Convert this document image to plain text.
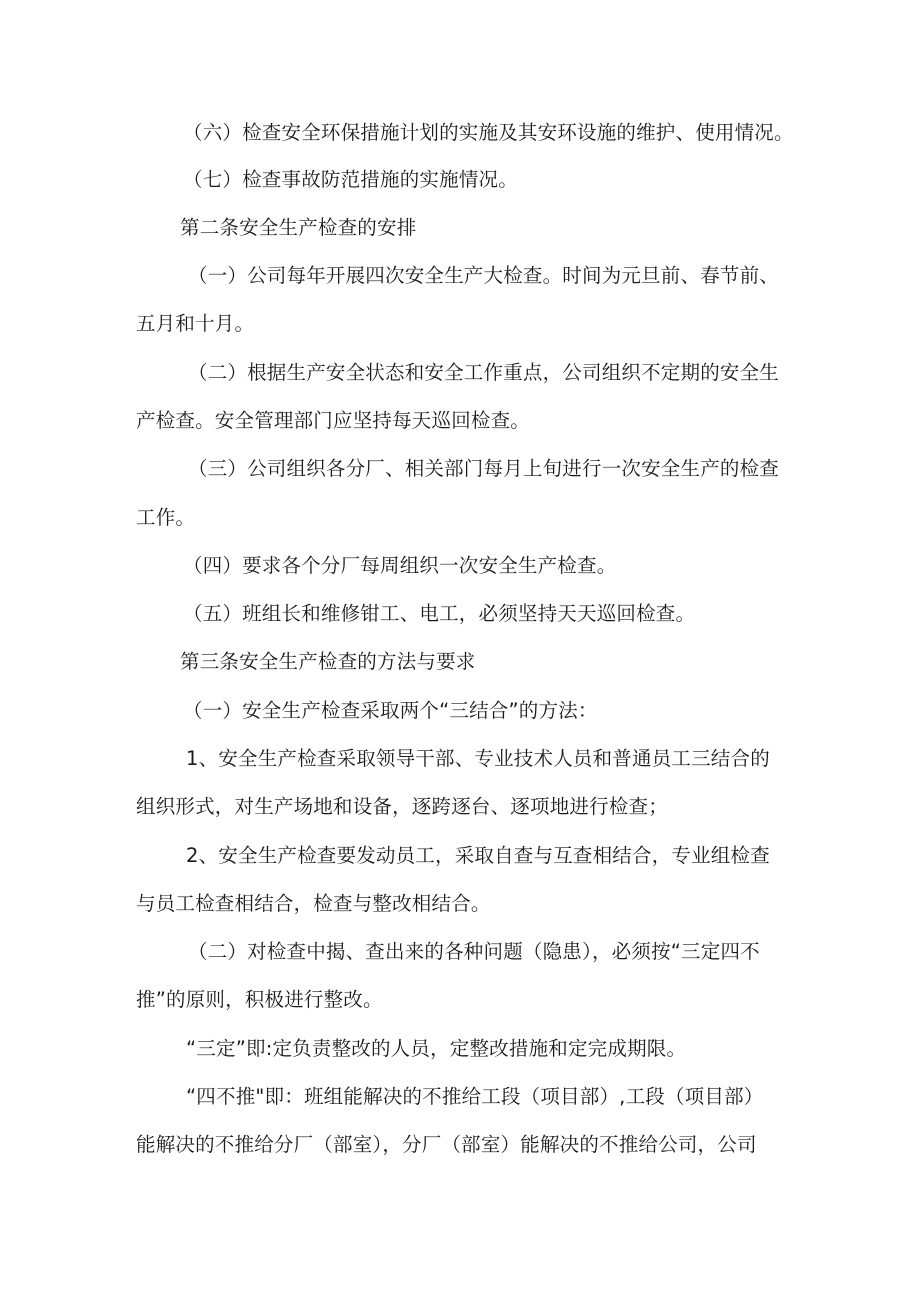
（六）检查安全环保措施计划的实施及其安环设施的维护、使用情况。
（七）检查事故防范措施的实施情况。
第二条安全生产检查的安排
（一）公司每年开展四次安全生产大检查。时间为元旦前、春节前、
五月和十月。
（二）根据生产安全状态和安全工作重点，公司组织不定期的安全生
产检查。安全管理部门应坚持每天巡回检查。
（三）公司组织各分厂、相关部门每月上旬进行一次安全生产的检查
工作。
（四）要求各个分厂每周组织一次安全生产检查。
（五）班组长和维修钳工、电工，必须坚持天天巡回检查。
第三条安全生产检查的方法与要求
（一）安全生产检查采取两个“三结合”的方法：
1、安全生产检查采取领导干部、专业技术人员和普通员工三结合的
组织形式，对生产场地和设备，逐跨逐台、逐项地进行检查；
2、安全生产检查要发动员工，采取自查与互查相结合，专业组检查
与员工检查相结合，检查与整改相结合。
（二）对检查中揭、查出来的各种问题（隐患），必须按“三定四不
推”的原则，积极进行整改。
“三定”即:定负责整改的人员，定整改措施和定完成期限。
“四不推"即：班组能解决的不推给工段（项目部）,工段（项目部）
能解决的不推给分厂（部室），分厂（部室）能解决的不推给公司，公司
